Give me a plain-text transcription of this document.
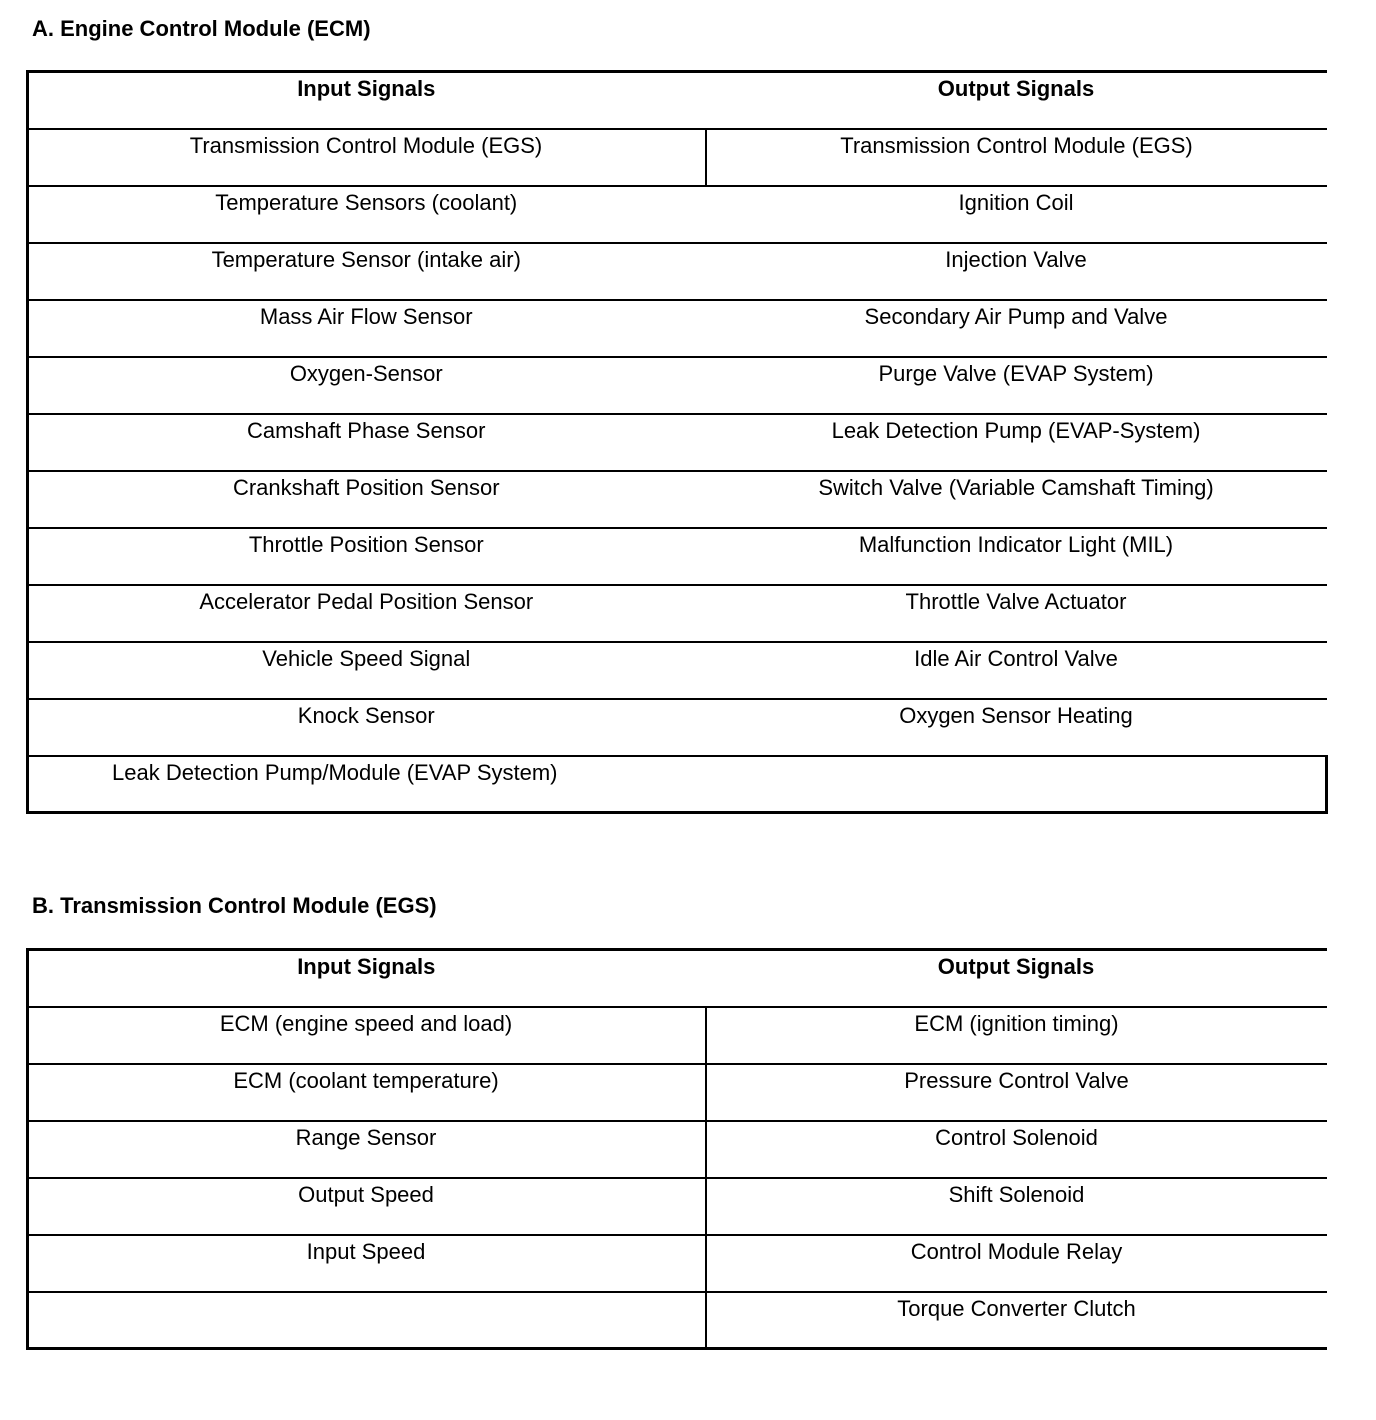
A. Engine Control Module (ECM)
Input Signals	Output Signals
Transmission Control Module (EGS)	Transmission Control Module (EGS)
Temperature Sensors (coolant)	Ignition Coil
Temperature Sensor (intake air)	Injection Valve
Mass Air Flow Sensor	Secondary Air Pump and Valve
Oxygen-Sensor	Purge Valve (EVAP System)
Camshaft Phase Sensor	Leak Detection Pump (EVAP-System)
Crankshaft Position Sensor	Switch Valve (Variable Camshaft Timing)
Throttle Position Sensor	Malfunction Indicator Light (MIL)
Accelerator Pedal Position Sensor	Throttle Valve Actuator
Vehicle Speed Signal	Idle Air Control Valve
Knock Sensor	Oxygen Sensor Heating
Leak Detection Pump/Module (EVAP System)	
B. Transmission Control Module (EGS)
Input Signals	Output Signals
ECM (engine speed and load)	ECM (ignition timing)
ECM (coolant temperature)	Pressure Control Valve
Range Sensor	Control Solenoid
Output Speed	Shift Solenoid
Input Speed	Control Module Relay
	Torque Converter Clutch
